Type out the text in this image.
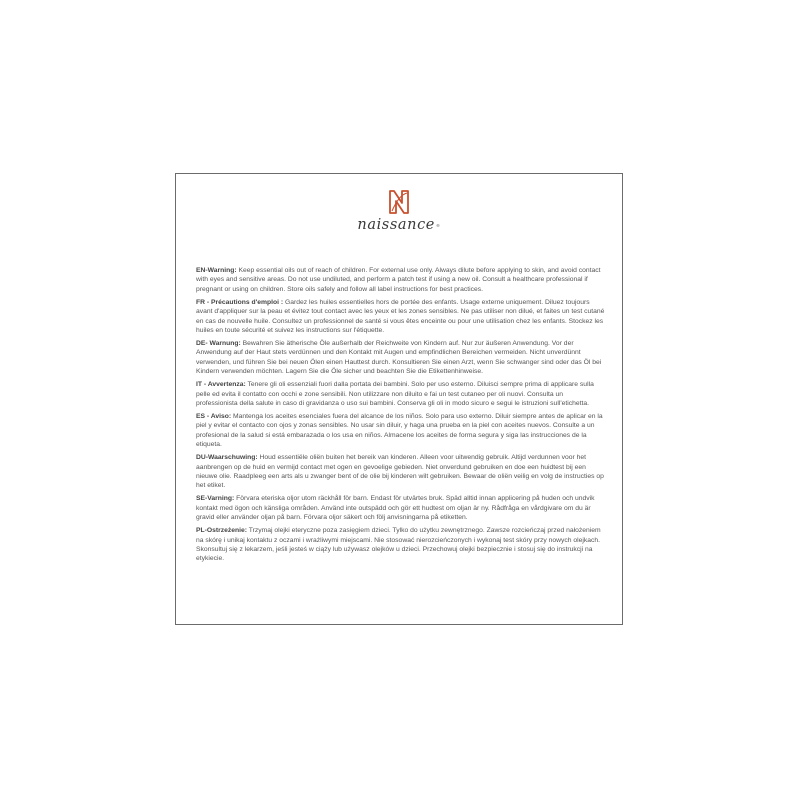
naissance®

EN-Warning: Keep essential oils out of reach of children. For external use only. Always dilute before applying to skin, and avoid contact with eyes and sensitive areas. Do not use undiluted, and perform a patch test if using a new oil. Consult a healthcare professional if pregnant or using on children. Store oils safely and follow all label instructions for best practices.

FR - Précautions d'emploi : Gardez les huiles essentielles hors de portée des enfants. Usage externe uniquement. Diluez toujours avant d'appliquer sur la peau et évitez tout contact avec les yeux et les zones sensibles. Ne pas utiliser non dilué, et faites un test cutané en cas de nouvelle huile. Consultez un professionnel de santé si vous êtes enceinte ou pour une utilisation chez les enfants. Stockez les huiles en toute sécurité et suivez les instructions sur l'étiquette.

DE- Warnung: Bewahren Sie ätherische Öle außerhalb der Reichweite von Kindern auf. Nur zur äußeren Anwendung. Vor der Anwendung auf der Haut stets verdünnen und den Kontakt mit Augen und empfindlichen Bereichen vermeiden. Nicht unverdünnt verwenden, und führen Sie bei neuen Ölen einen Hauttest durch. Konsultieren Sie einen Arzt, wenn Sie schwanger sind oder das Öl bei Kindern verwenden möchten. Lagern Sie die Öle sicher und beachten Sie die Etikettenhinweise.

IT - Avvertenza: Tenere gli oli essenziali fuori dalla portata dei bambini. Solo per uso esterno. Diluisci sempre prima di applicare sulla pelle ed evita il contatto con occhi e zone sensibili. Non utilizzare non diluito e fai un test cutaneo per oli nuovi. Consulta un professionista della salute in caso di gravidanza o uso sui bambini. Conserva gli oli in modo sicuro e segui le istruzioni sull'etichetta.

ES - Aviso: Mantenga los aceites esenciales fuera del alcance de los niños. Solo para uso externo. Diluir siempre antes de aplicar en la piel y evitar el contacto con ojos y zonas sensibles. No usar sin diluir, y haga una prueba en la piel con aceites nuevos. Consulte a un profesional de la salud si está embarazada o los usa en niños. Almacene los aceites de forma segura y siga las instrucciones de la etiqueta.

DU-Waarschuwing: Houd essentiële oliën buiten het bereik van kinderen. Alleen voor uitwendig gebruik. Altijd verdunnen voor het aanbrengen op de huid en vermijd contact met ogen en gevoelige gebieden. Niet onverdund gebruiken en doe een huidtest bij een nieuwe olie. Raadpleeg een arts als u zwanger bent of de olie bij kinderen wilt gebruiken. Bewaar de oliën veilig en volg de instructies op het etiket.

SE-Varning: Förvara eteriska oljor utom räckhåll för barn. Endast för utvärtes bruk. Späd alltid innan applicering på huden och undvik kontakt med ögon och känsliga områden. Använd inte outspädd och gör ett hudtest om oljan är ny. Rådfråga en vårdgivare om du är gravid eller använder oljan på barn. Förvara oljor säkert och följ anvisningarna på etiketten.

PL-Ostrzeżenie: Trzymaj olejki eteryczne poza zasięgiem dzieci. Tylko do użytku zewnętrznego. Zawsze rozcieńczaj przed nałożeniem na skórę i unikaj kontaktu z oczami i wrażliwymi miejscami. Nie stosować nierozcieńczonych i wykonaj test skóry przy nowych olejkach. Skonsultuj się z lekarzem, jeśli jesteś w ciąży lub używasz olejków u dzieci. Przechowuj olejki bezpiecznie i stosuj się do instrukcji na etykiecie.
